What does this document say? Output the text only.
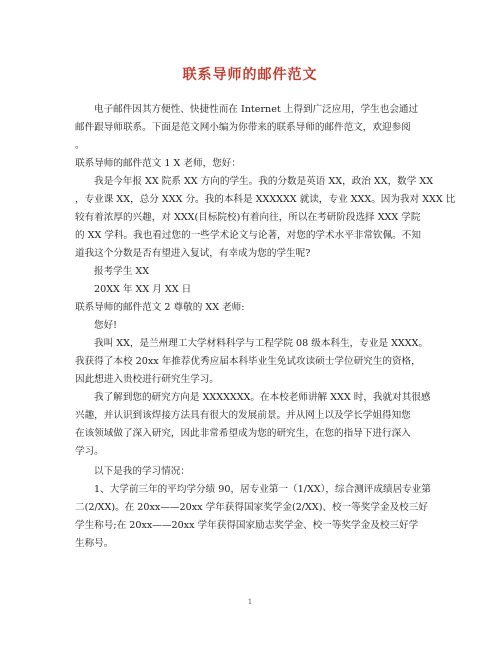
联系导师的邮件范文
电子邮件因其方便性、快捷性而在 Internet 上得到广泛应用，学生也会通过
邮件跟导师联系。下面是范文网小编为你带来的联系导师的邮件范文，欢迎参阅
。
联系导师的邮件范文 1 X 老师，您好：
我是今年报 XX 院系 XX 方向的学生。我的分数是英语 XX，政治 XX，数学 XX
，专业课 XX，总分 XXX 分。我的本科是 XXXXXX 就读，专业 XXX。因为我对 XXX 比
较有着浓厚的兴趣，对 XXX(目标院校)有着向往，所以在考研阶段选择 XXX 学院
的 XX 学科。我也看过您的一些学术论文与论著，对您的学术水平非常钦佩。不知
道我这个分数是否有望进入复试，有幸成为您的学生呢?
报考学生 XX
20XX 年 XX 月 XX 日
联系导师的邮件范文 2 尊敬的 XX 老师:
您好!
我叫 XX，是兰州理工大学材料科学与工程学院 08 级本科生，专业是 XXXX。
我获得了本校 20xx 年推荐优秀应届本科毕业生免试攻读硕士学位研究生的资格，
因此想进入贵校进行研究生学习。
我了解到您的研究方向是 XXXXXXX。在本校老师讲解 XXX 时，我就对其很感
兴趣，并认识到该焊接方法具有很大的发展前景。并从网上以及学长学姐得知您
在该领域做了深入研究，因此非常希望成为您的研究生，在您的指导下进行深入
学习。
以下是我的学习情况：
1、大学前三年的平均学分绩 90，居专业第一（1/XX），综合测评成绩居专业第
二(2/XX)。在 20xx——20xx 学年获得国家奖学金(2/XX)、校一等奖学金及校三好
学生称号;在 20xx——20xx 学年获得国家励志奖学金、校一等奖学金及校三好学
生称号。
1
